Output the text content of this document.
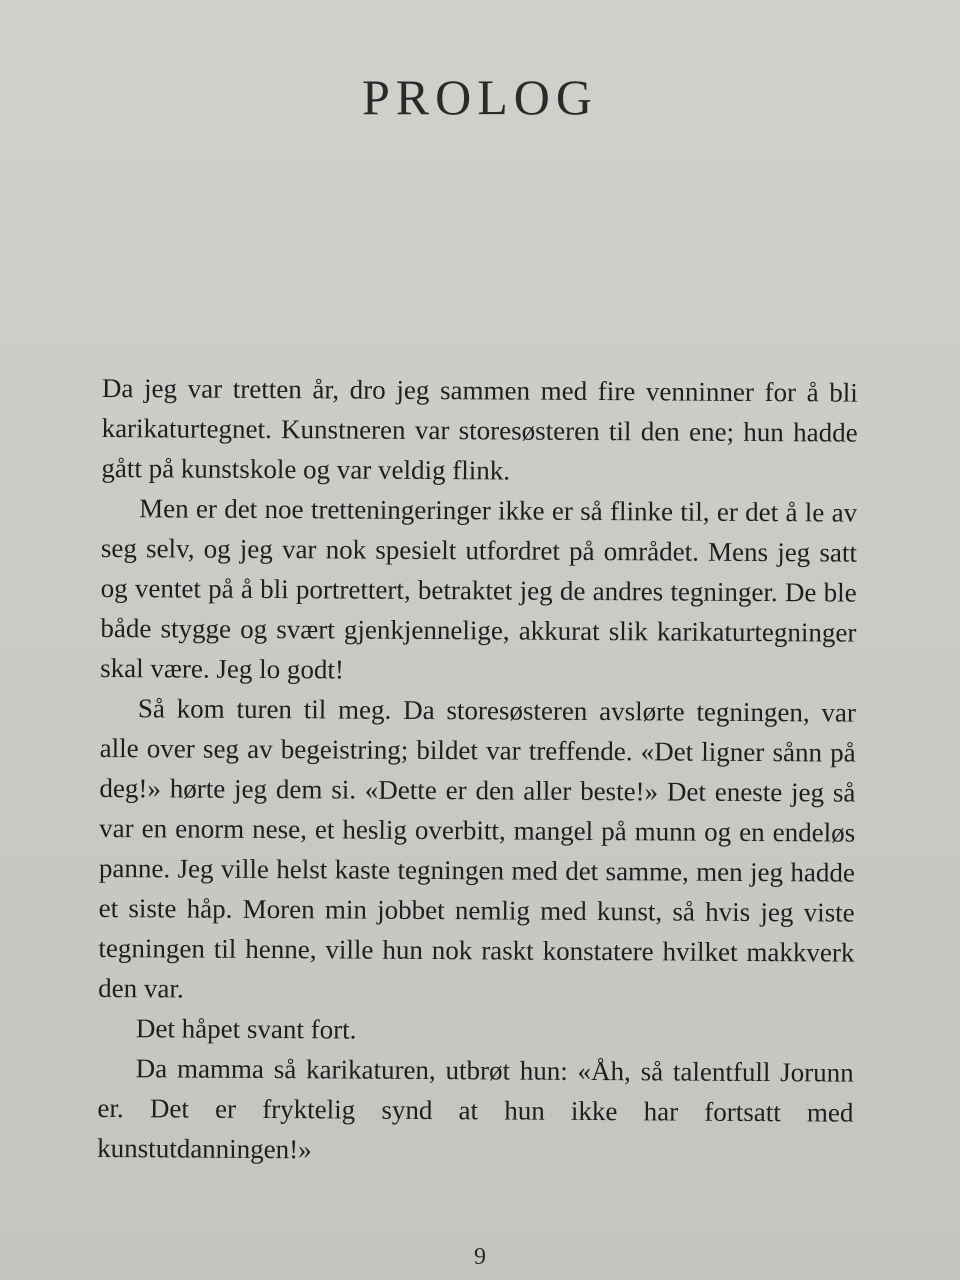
PROLOG

Da jeg var tretten år, dro jeg sammen med fire venninner for å bli karikaturtegnet. Kunstneren var storesøsteren til den ene; hun hadde gått på kunstskole og var veldig flink.

Men er det noe tretteningeringer ikke er så flinke til, er det å le av seg selv, og jeg var nok spesielt utfordret på området. Mens jeg satt og ventet på å bli portrettert, betraktet jeg de andres tegninger. De ble både stygge og svært gjenkjennelige, akkurat slik karikaturtegninger skal være. Jeg lo godt!

Så kom turen til meg. Da storesøsteren avslørte tegningen, var alle over seg av begeistring; bildet var treffende. «Det ligner sånn på deg!» hørte jeg dem si. «Dette er den aller beste!» Det eneste jeg så var en enorm nese, et heslig overbitt, mangel på munn og en endeløs panne. Jeg ville helst kaste tegningen med det samme, men jeg hadde et siste håp. Moren min jobbet nemlig med kunst, så hvis jeg viste tegningen til henne, ville hun nok raskt konstatere hvilket makkverk den var.

Det håpet svant fort.

Da mamma så karikaturen, utbrøt hun: «Åh, så talentfull Jorunn er. Det er fryktelig synd at hun ikke har fortsatt med kunstutdanningen!»

9
